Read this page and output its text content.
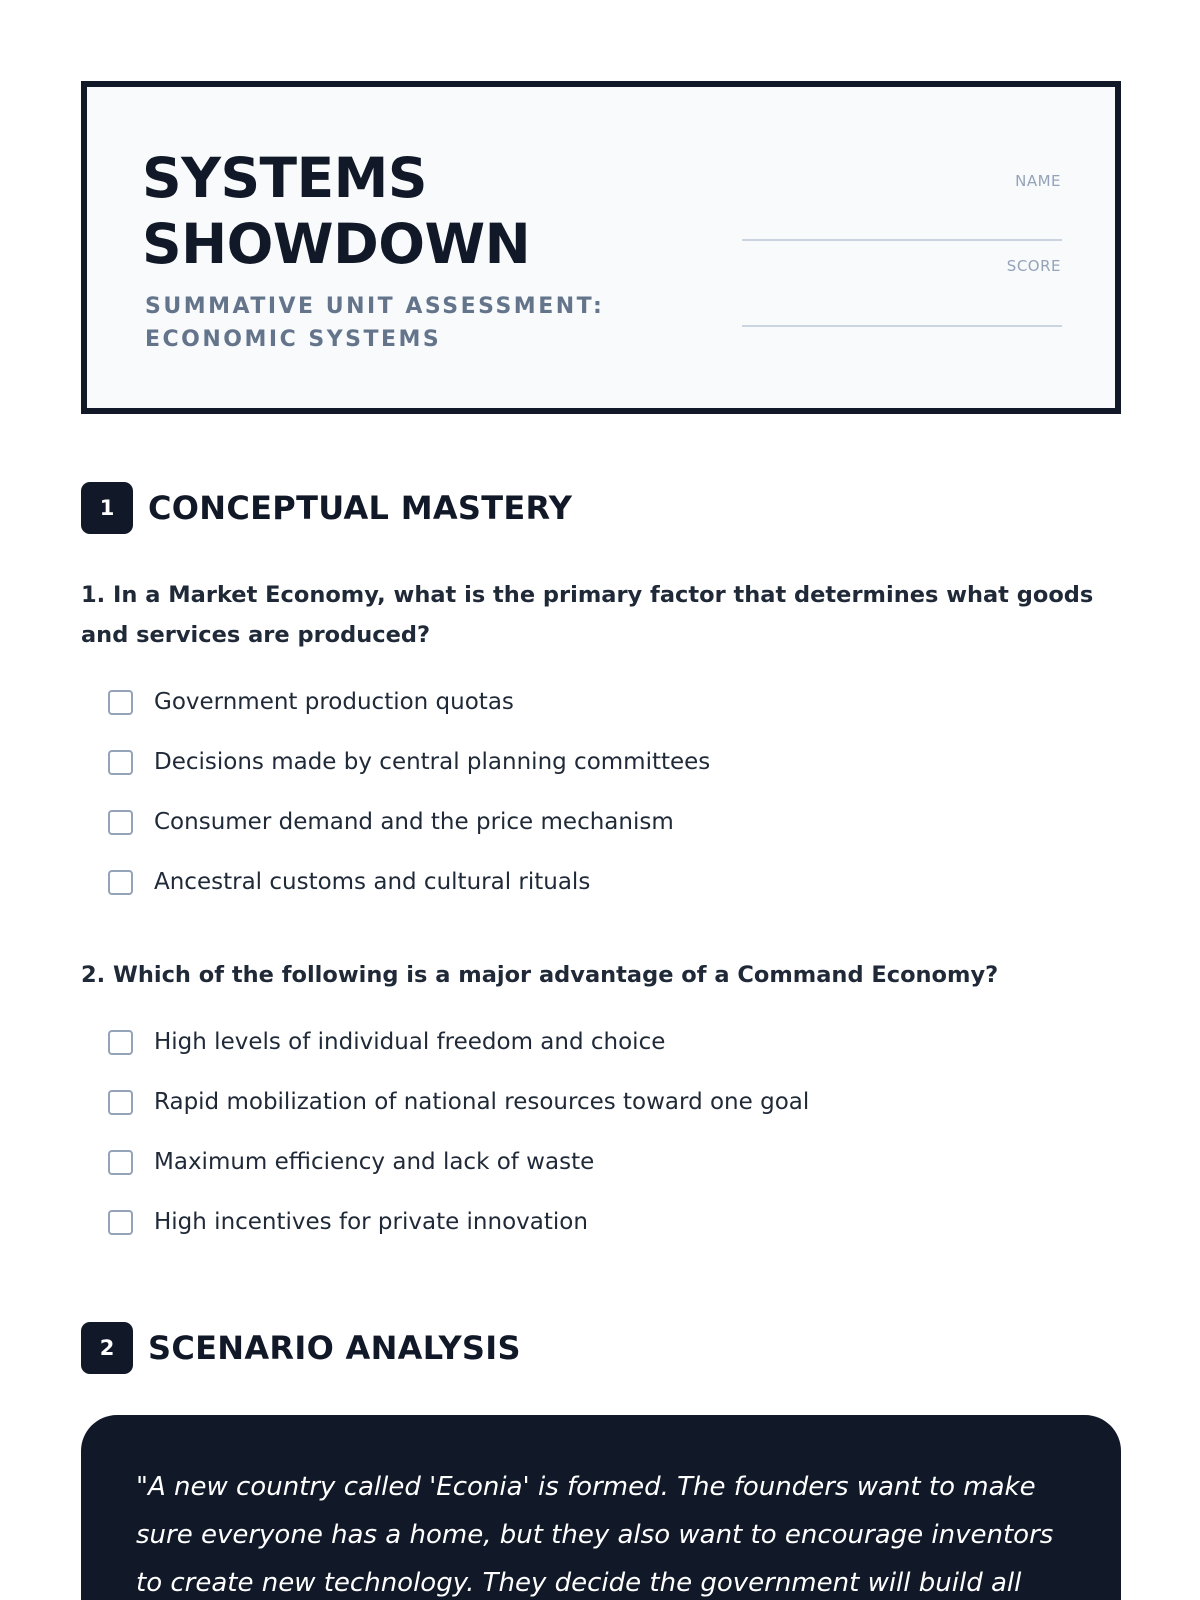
SYSTEMS
SHOWDOWN
SUMMATIVE UNIT ASSESSMENT: ECONOMIC SYSTEMS
NAME
SCORE
1	CONCEPTUAL MASTERY
1. In a Market Economy, what is the primary factor that determines what goods and services are produced?
Government production quotas
Decisions made by central planning committees
Consumer demand and the price mechanism
Ancestral customs and cultural rituals
2. Which of the following is a major advantage of a Command Economy?
High levels of individual freedom and choice
Rapid mobilization of national resources toward one goal
Maximum efficiency and lack of waste
High incentives for private innovation
2	SCENARIO ANALYSIS
"A new country called 'Econia' is formed. The founders want to make sure everyone has a home, but they also want to encourage inventors to create new technology. They decide the government will build all
